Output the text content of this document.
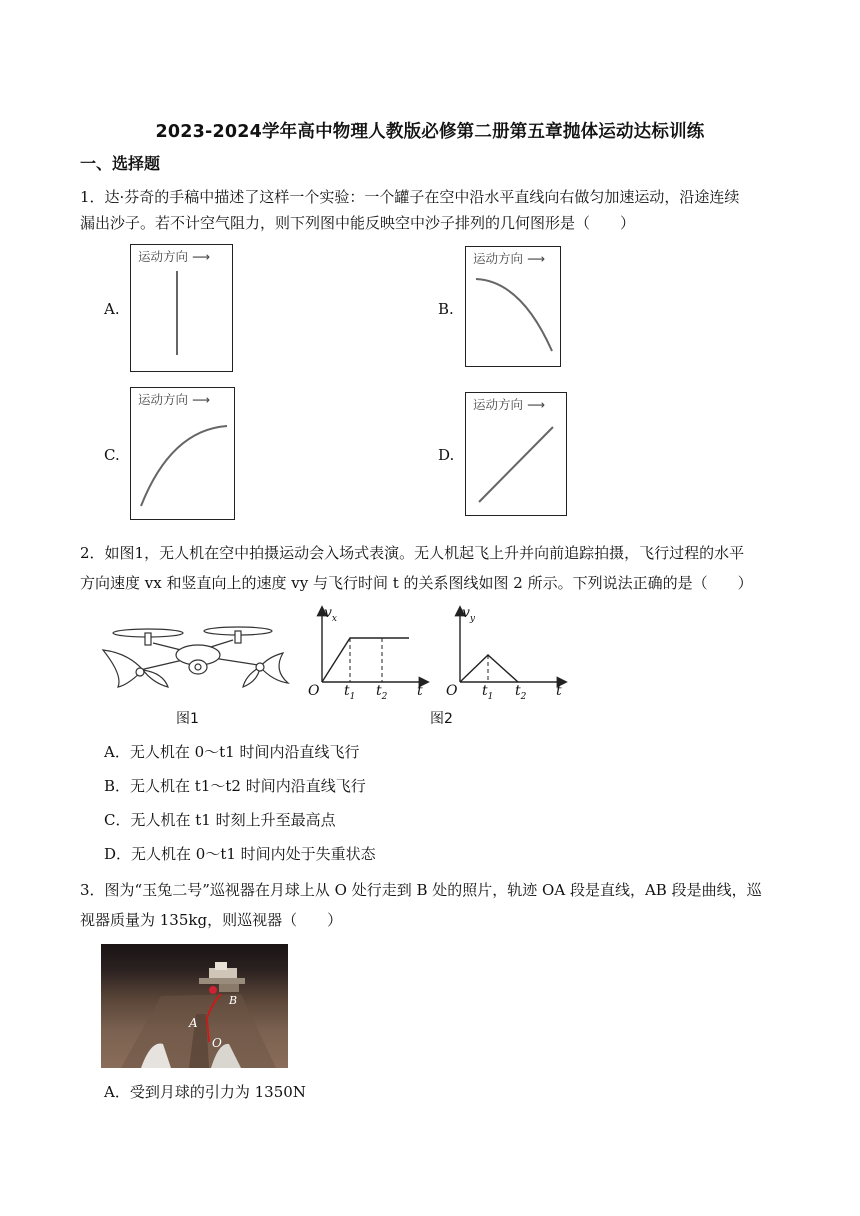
2023-2024学年高中物理人教版必修第二册第五章抛体运动达标训练
一、选择题
1．达·芬奇的手稿中描述了这样一个实验：一个罐子在空中沿水平直线向右做匀加速运动，沿途连续
漏出沙子。若不计空气阻力，则下列图中能反映空中沙子排列的几何图形是（　　）
A.
运动方向 ⟶
B.
运动方向 ⟶
C.
运动方向 ⟶
D.
运动方向 ⟶
2．如图1，无人机在空中拍摄运动会入场式表演。无人机起飞上升并向前追踪拍摄，飞行过程的水平
方向速度 vx 和竖直向上的速度 vy 与飞行时间 t 的关系图线如图 2 所示。下列说法正确的是（　　）
图1
$v_x$
O $t_1$ $t_2$ t
$v_y$
O $t_1$ $t_2$ t
图2
A．无人机在 0～t1 时间内沿直线飞行
B．无人机在 t1～t2 时间内沿直线飞行
C．无人机在 t1 时刻上升至最高点
D．无人机在 0～t1 时间内处于失重状态
3．图为“玉兔二号”巡视器在月球上从 O 处行走到 B 处的照片，轨迹 OA 段是直线，AB 段是曲线，巡
视器质量为 135kg，则巡视器（　　）
A
B
O
A．受到月球的引力为 1350N
